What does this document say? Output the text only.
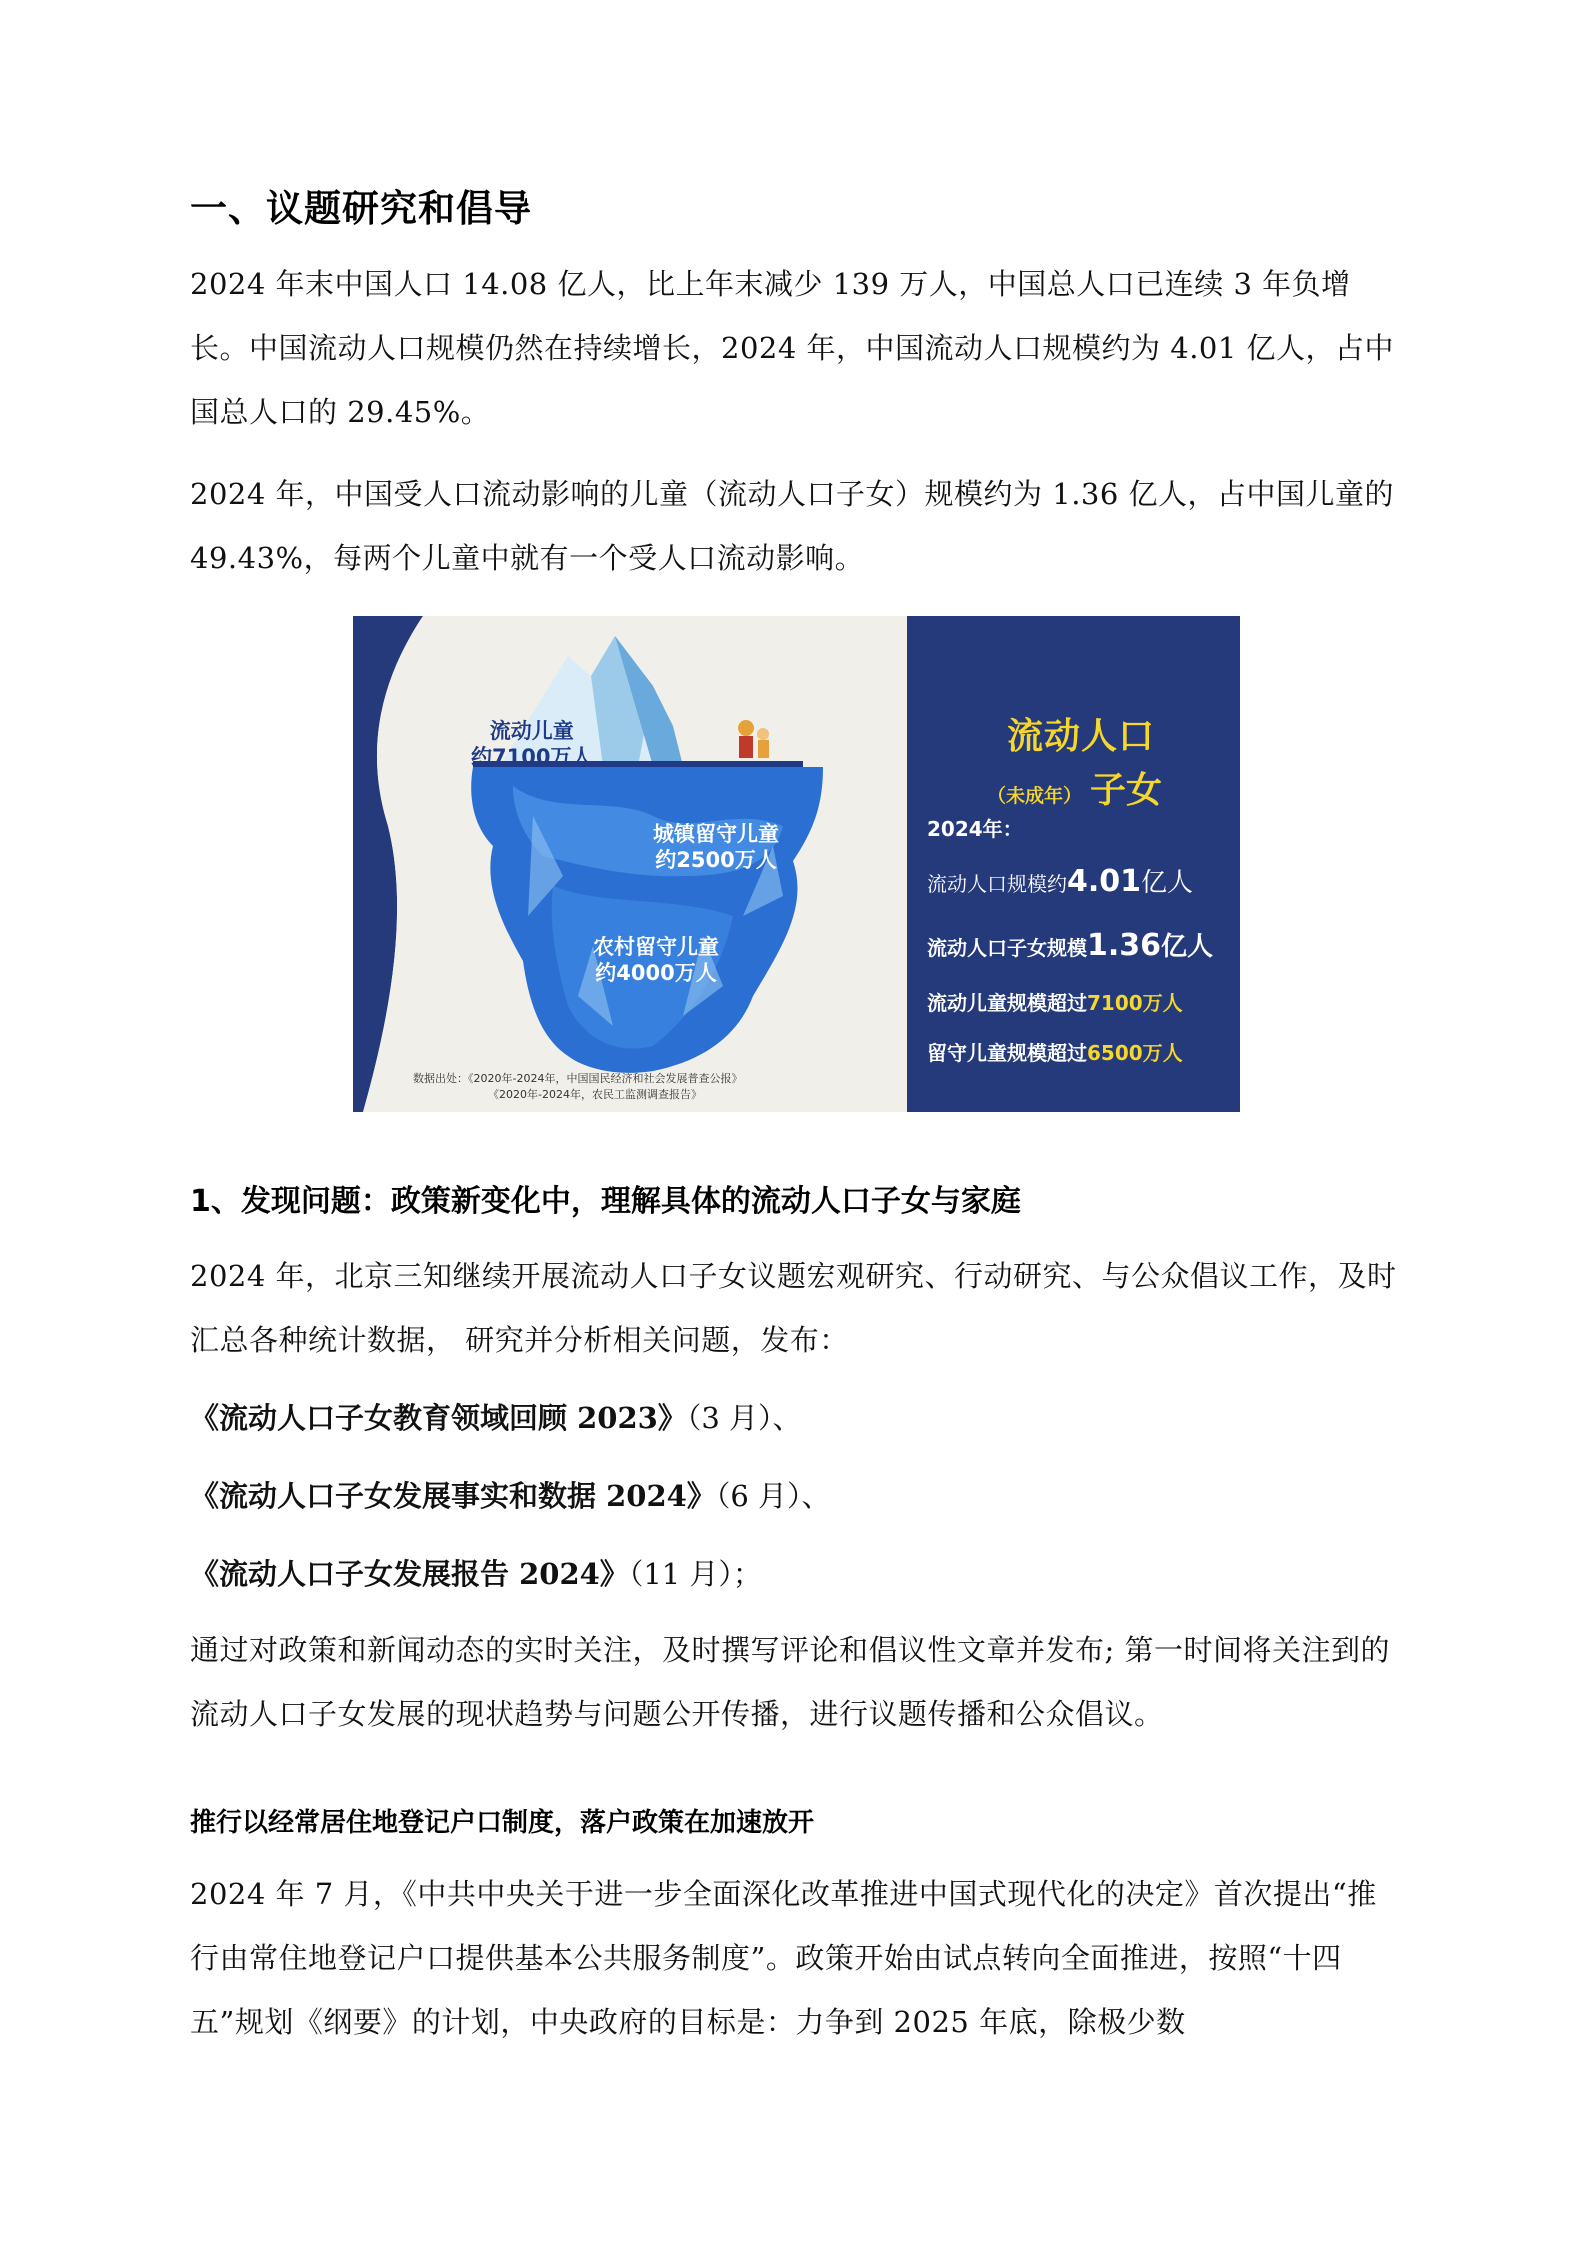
一、议题研究和倡导
2024 年末中国人口 14.08 亿人，比上年末减少 139 万人，中国总人口已连续 3 年负增长。中国流动人口规模仍然在持续增长，2024 年，中国流动人口规模约为 4.01 亿人，占中国总人口的 29.45%。
2024 年，中国受人口流动影响的儿童（流动人口子女）规模约为 1.36 亿人，占中国儿童的 49.43%，每两个儿童中就有一个受人口流动影响。
流动儿童
约7100万人
城镇留守儿童
约2500万人
农村留守儿童
约4000万人
数据出处：《2020年-2024年，中国国民经济和社会发展普查公报》
《2020年-2024年，农民工监测调查报告》
流动人口
（未成年） 子女
2024年：
流动人口规模约4.01亿人
流动人口子女规模1.36亿人
流动儿童规模超过7100万人
留守儿童规模超过6500万人
1、发现问题：政策新变化中，理解具体的流动人口子女与家庭
2024 年，北京三知继续开展流动人口子女议题宏观研究、行动研究、与公众倡议工作，及时汇总各种统计数据， 研究并分析相关问题，发布：
《流动人口子女教育领域回顾 2023》（3 月）、
《流动人口子女发展事实和数据 2024》（6 月）、
《流动人口子女发展报告 2024》（11 月）；
通过对政策和新闻动态的实时关注，及时撰写评论和倡议性文章并发布; 第一时间将关注到的流动人口子女发展的现状趋势与问题公开传播，进行议题传播和公众倡议。
推行以经常居住地登记户口制度，落户政策在加速放开
2024 年 7 月，《中共中央关于进一步全面深化改革推进中国式现代化的决定》首次提出“推行由常住地登记户口提供基本公共服务制度”。政策开始由试点转向全面推进，按照“十四五”规划《纲要》的计划，中央政府的目标是：力争到 2025 年底，除极少数
